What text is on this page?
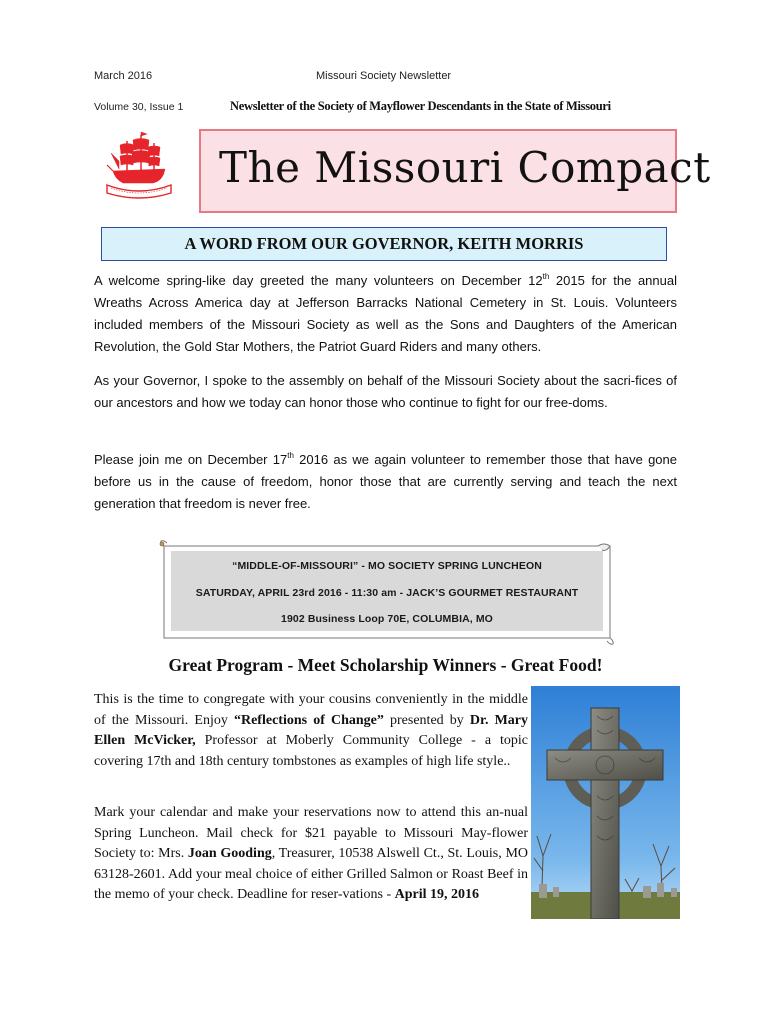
March 2016	Missouri Society Newsletter
Volume 30, Issue 1	Newsletter of the Society of Mayflower Descendants in the State of Missouri
The Missouri Compact
A WORD FROM OUR GOVERNOR, KEITH MORRIS
A welcome spring-like day greeted the many volunteers on December 12th 2015 for the annual Wreaths Across America day at Jefferson Barracks National Cemetery in St. Louis. Volunteers included members of the Missouri Society as well as the Sons and Daughters of the American Revolution, the Gold Star Mothers, the Patriot Guard Riders and many others.
As your Governor, I spoke to the assembly on behalf of the Missouri Society about the sacri-fices of our ancestors and how we today can honor those who continue to fight for our free-doms.
Please join me on December 17th 2016 as we again volunteer to remember those that have gone before us in the cause of freedom, honor those that are currently serving and teach the next generation that freedom is never free.
“MIDDLE-OF-MISSOURI” - MO SOCIETY SPRING LUNCHEON
SATURDAY, APRIL 23rd 2016 - 11:30 am - JACK’S GOURMET RESTAURANT
1902 Business Loop 70E, COLUMBIA, MO
Great Program - Meet Scholarship Winners - Great Food!
This is the time to congregate with your cousins conveniently in the middle of the Missouri. Enjoy “Reflections of Change” presented by Dr. Mary Ellen McVicker, Professor at Moberly Community College - a topic covering 17th and 18th century tombstones as examples of high life style..
Mark your calendar and make your reservations now to attend this an-nual Spring Luncheon. Mail check for $21 payable to Missouri May-flower Society to: Mrs. Joan Gooding, Treasurer, 10538 Alswell Ct., St. Louis, MO 63128-2601. Add your meal choice of either Grilled Salmon or Roast Beef in the memo of your check. Deadline for reser-vations - April 19, 2016
